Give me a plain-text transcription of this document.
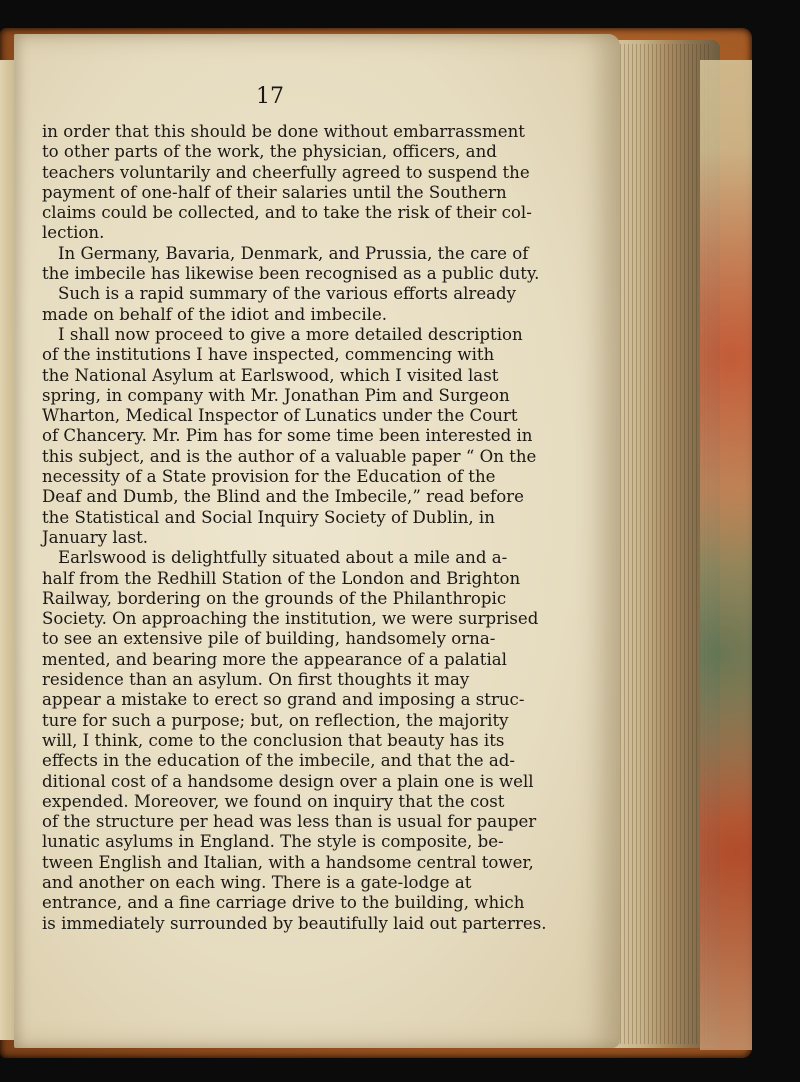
17
in order that this should be done without embarrassment
to other parts of the work, the physician, officers, and
teachers voluntarily and cheerfully agreed to suspend the
payment of one-half of their salaries until the Southern
claims could be collected, and to take the risk of their col-
lection.
In Germany, Bavaria, Denmark, and Prussia, the care of
the imbecile has likewise been recognised as a public duty.
Such is a rapid summary of the various efforts already
made on behalf of the idiot and imbecile.
I shall now proceed to give a more detailed description
of the institutions I have inspected, commencing with
the National Asylum at Earlswood, which I visited last
spring, in company with Mr. Jonathan Pim and Surgeon
Wharton, Medical Inspector of Lunatics under the Court
of Chancery. Mr. Pim has for some time been interested in
this subject, and is the author of a valuable paper “ On the
necessity of a State provision for the Education of the
Deaf and Dumb, the Blind and the Imbecile,” read before
the Statistical and Social Inquiry Society of Dublin, in
January last.
Earlswood is delightfully situated about a mile and a-
half from the Redhill Station of the London and Brighton
Railway, bordering on the grounds of the Philanthropic
Society. On approaching the institution, we were surprised
to see an extensive pile of building, handsomely orna-
mented, and bearing more the appearance of a palatial
residence than an asylum. On first thoughts it may
appear a mistake to erect so grand and imposing a struc-
ture for such a purpose; but, on reflection, the majority
will, I think, come to the conclusion that beauty has its
effects in the education of the imbecile, and that the ad-
ditional cost of a handsome design over a plain one is well
expended. Moreover, we found on inquiry that the cost
of the structure per head was less than is usual for pauper
lunatic asylums in England. The style is composite, be-
tween English and Italian, with a handsome central tower,
and another on each wing. There is a gate-lodge at
entrance, and a fine carriage drive to the building, which
is immediately surrounded by beautifully laid out parterres.
